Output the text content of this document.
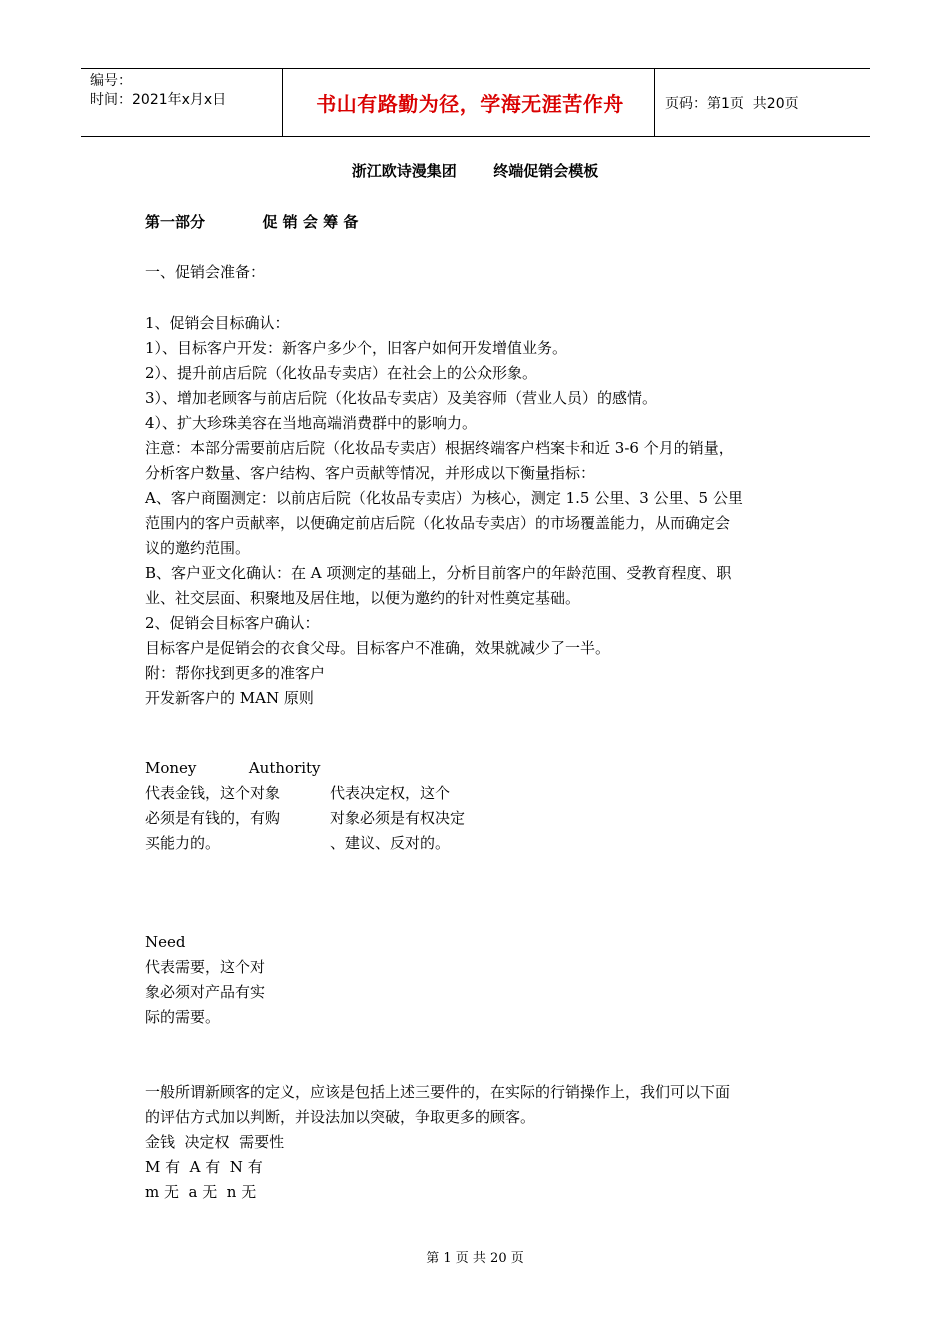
编号：
时间：2021年x月x日	书山有路勤为径，学海无涯苦作舟	页码：第1页  共20页
浙江欧诗漫集团       终端促销会模板
第一部分           促 销 会 筹 备
一、促销会准备：

1、促销会目标确认：

1）、目标客户开发：新客户多少个，旧客户如何开发增值业务。

2）、提升前店后院（化妆品专卖店）在社会上的公众形象。

3）、增加老顾客与前店后院（化妆品专卖店）及美容师（营业人员）的感情。

4）、扩大珍珠美容在当地高端消费群中的影响力。

注意：本部分需要前店后院（化妆品专卖店）根据终端客户档案卡和近 3-6 个月的销量，

分析客户数量、客户结构、客户贡献等情况，并形成以下衡量指标：

A、客户商圈测定：以前店后院（化妆品专卖店）为核心，测定 1.5 公里、3 公里、5 公里

范围内的客户贡献率，以便确定前店后院（化妆品专卖店）的市场覆盖能力，从而确定会

议的邀约范围。

B、客户亚文化确认：在 A 项测定的基础上，分析目前客户的年龄范围、受教育程度、职

业、社交层面、积聚地及居住地，以便为邀约的针对性奠定基础。

2、促销会目标客户确认：

目标客户是促销会的衣食父母。目标客户不准确，效果就减少了一半。

附：帮你找到更多的准客户

开发新客户的 MAN 原则

Money           Authority

代表金钱，这个对象

必须是有钱的，有购

买能力的。

代表决定权，这个

对象必须是有权决定

、建议、反对的。

Need

代表需要，这个对

象必须对产品有实

际的需要。

一般所谓新顾客的定义，应该是包括上述三要件的，在实际的行销操作上，我们可以下面

的评估方式加以判断，并设法加以突破，争取更多的顾客。

金钱  决定权  需要性

M 有  A 有  N 有

m 无  a 无  n 无

第 1 页 共 20 页
